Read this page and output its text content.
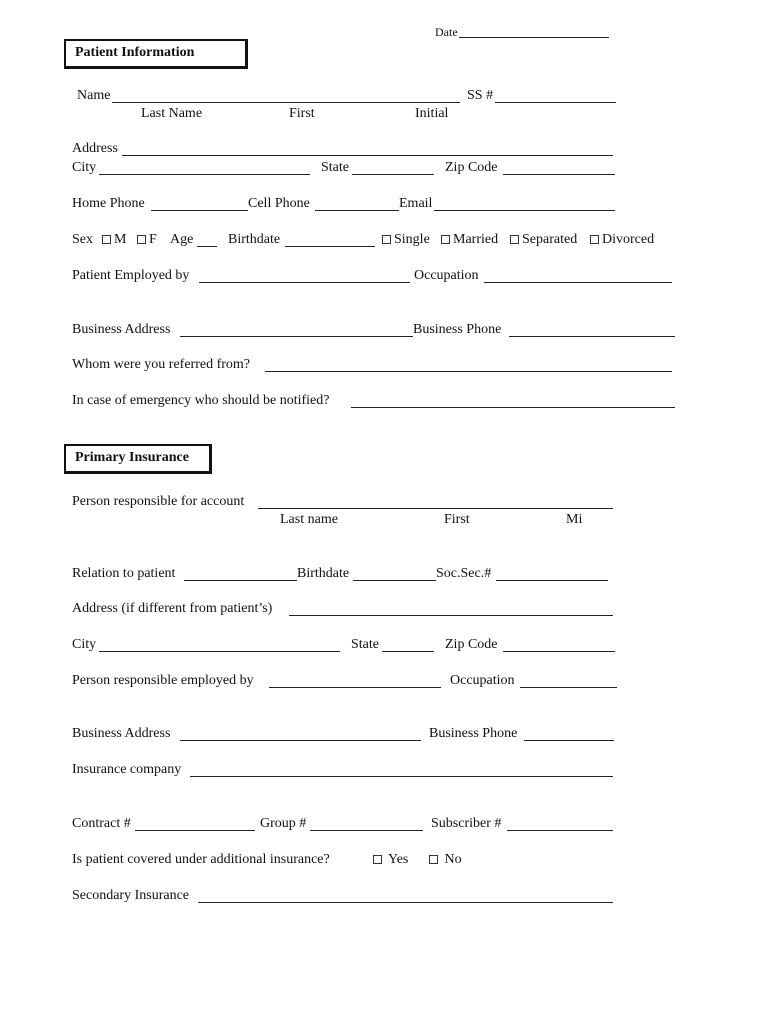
Date
Patient Information
Name	SS #
Last Name	First	Initial
Address
City	State	Zip Code
Home Phone	Cell Phone	Email
Sex	M	F Age Birthdate	Single	Married	Separated	Divorced
Patient Employed by	Occupation
Business Address	Business Phone
Whom were you referred from?
In case of emergency who should be notified?
Primary Insurance
Person responsible for account
Last name	First	Mi
Relation to patient	Birthdate	Soc.Sec.#
Address (if different from patient’s)
City	State	Zip Code
Person responsible employed by	Occupation
Business Address	Business Phone
Insurance company
Contract #	Group #	Subscriber #
Is patient covered under additional insurance?	Yes	No
Secondary Insurance
